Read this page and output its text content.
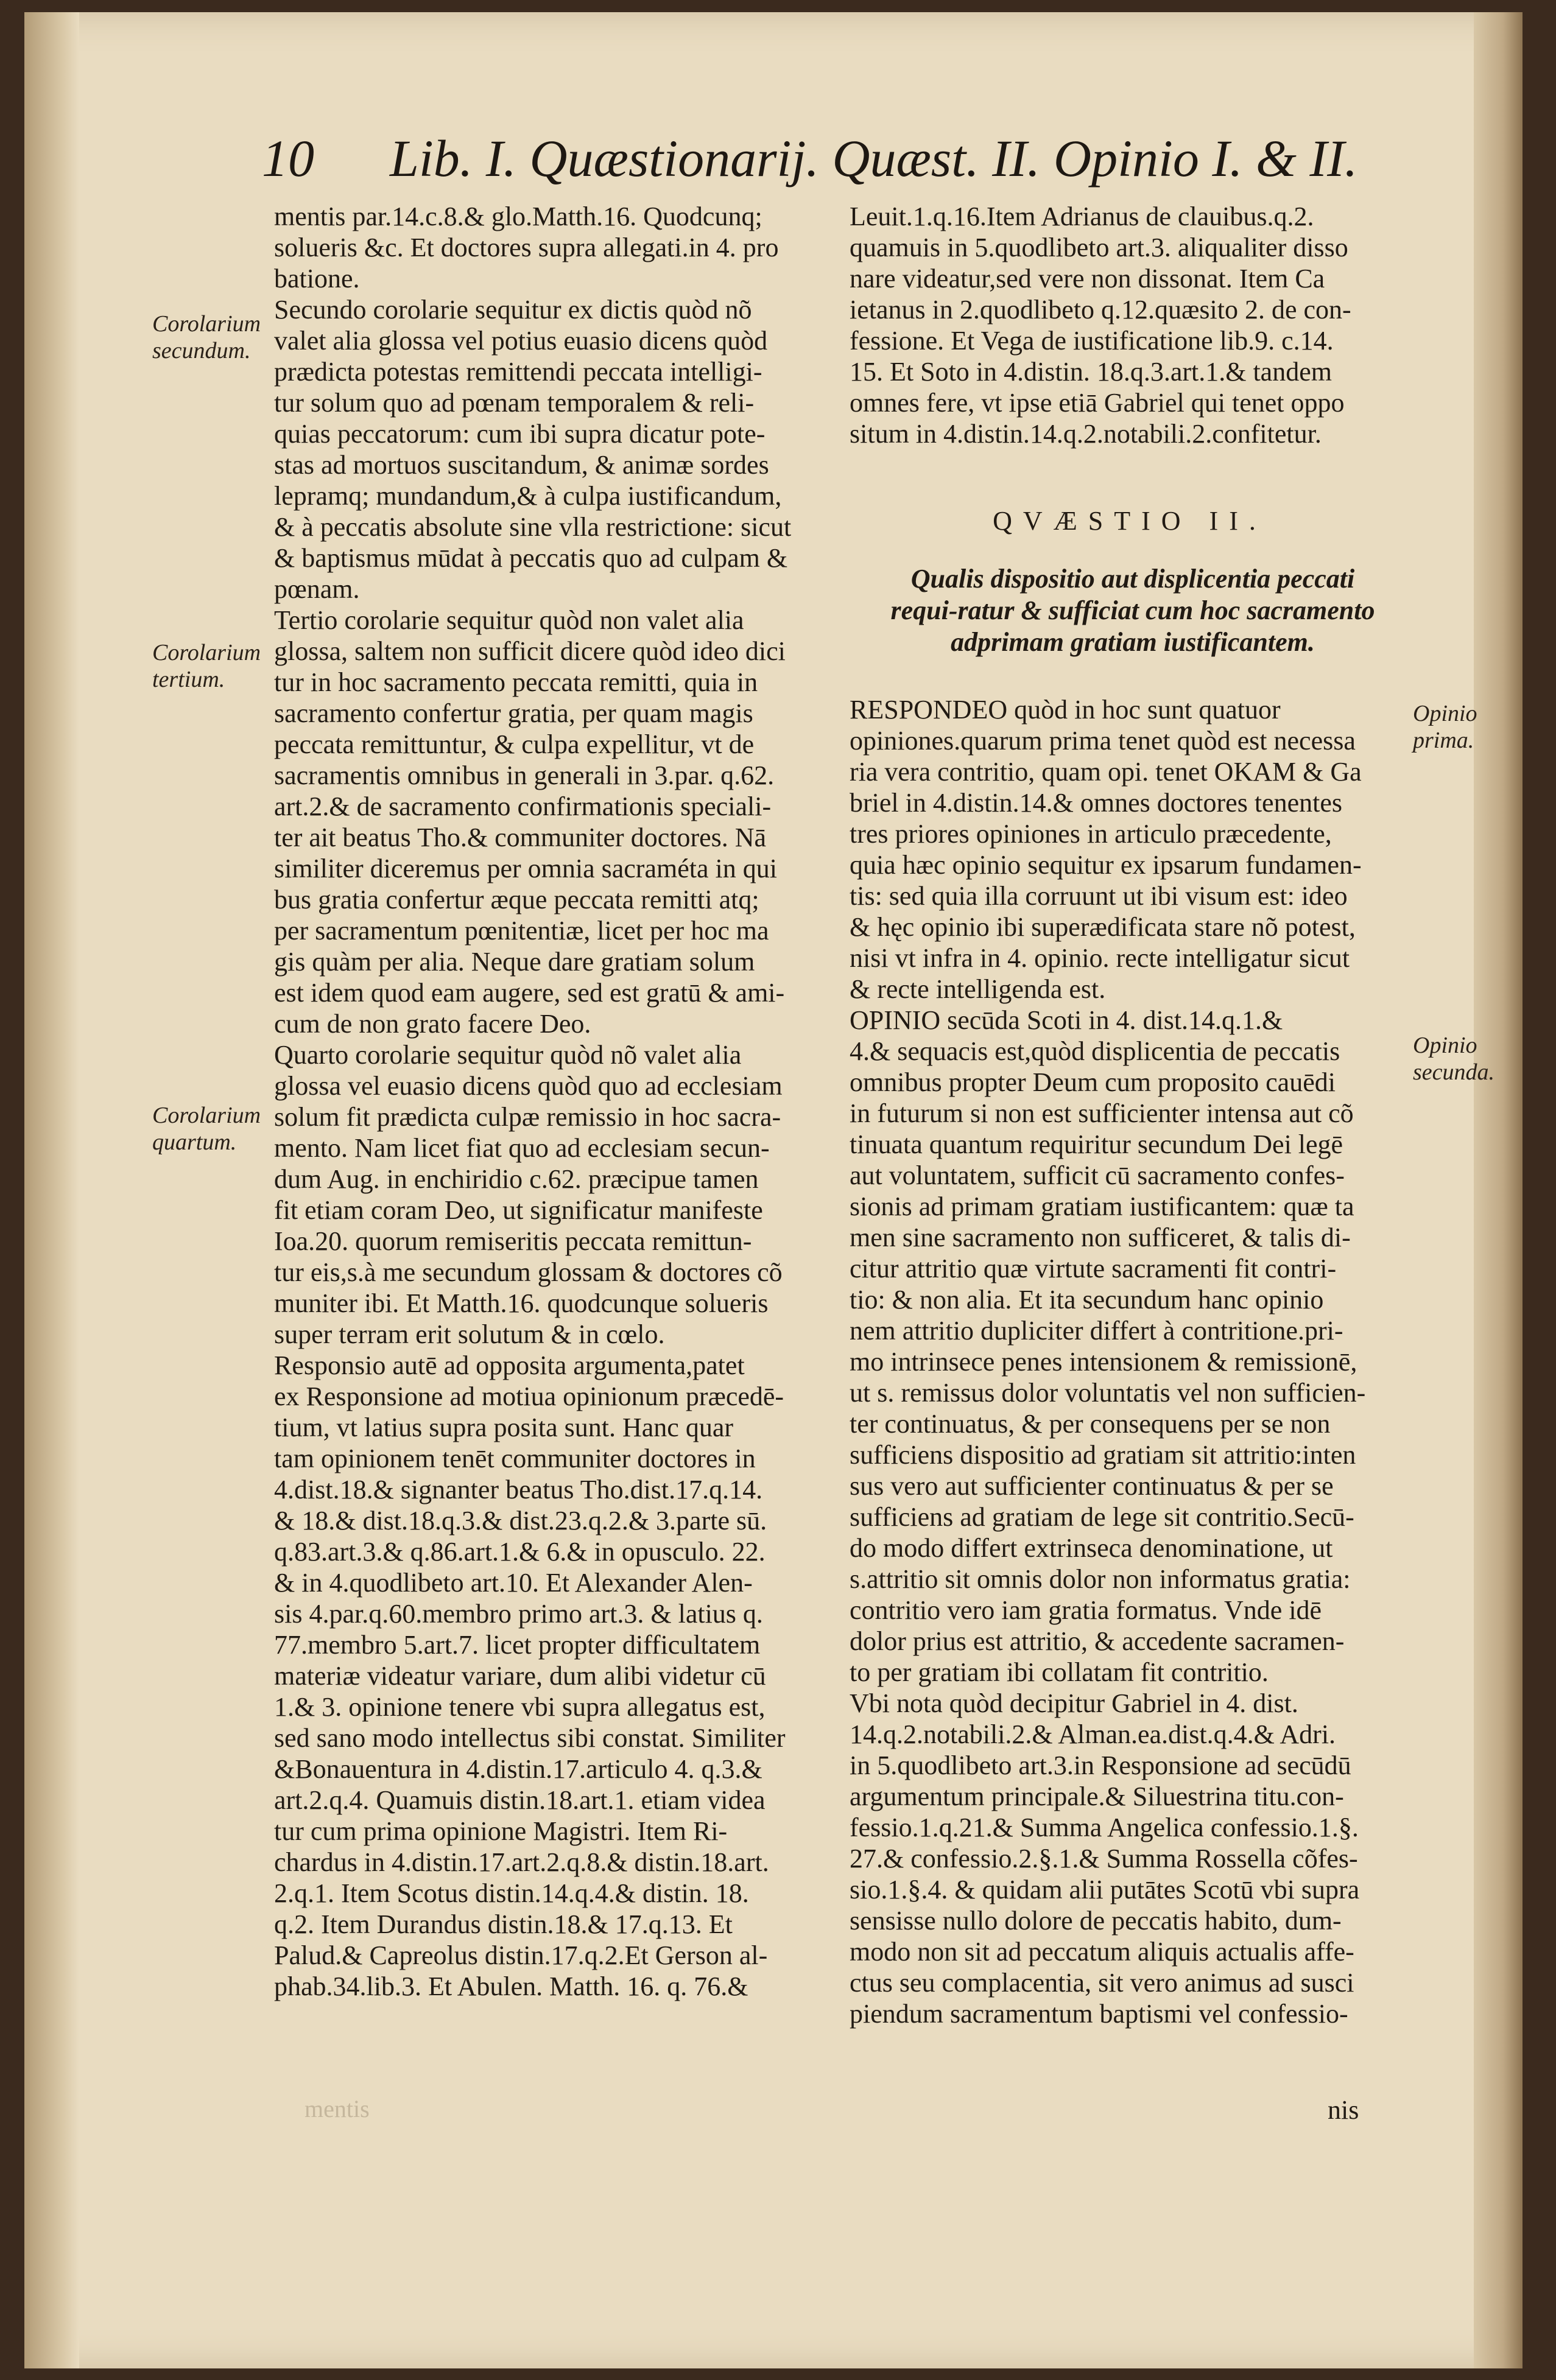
10 Lib. I. Quæstionarij. Quæst. II. Opinio I. & II.
Corolarium secundum.
Corolarium tertium.
Corolarium quartum.
Opinio prima.
Opinio secunda.
mentis par.14.c.8.& glo.Matth.16. Quodcunq;
solueris &c. Et doctores supra allegati.in 4. pro
batione.
Secundo corolarie sequitur ex dictis quòd nõ
valet alia glossa vel potius euasio dicens quòd
prædicta potestas remittendi peccata intelligi-
tur solum quo ad pœnam temporalem & reli-
quias peccatorum: cum ibi supra dicatur pote-
stas ad mortuos suscitandum, & animæ sordes
lepramq; mundandum,& à culpa iustificandum,
& à peccatis absolute sine vlla restrictione: sicut
& baptismus mūdat à peccatis quo ad culpam &
pœnam.
Tertio corolarie sequitur quòd non valet alia
glossa, saltem non sufficit dicere quòd ideo dici
tur in hoc sacramento peccata remitti, quia in
sacramento confertur gratia, per quam magis
peccata remittuntur, & culpa expellitur, vt de
sacramentis omnibus in generali in 3.par. q.62.
art.2.& de sacramento confirmationis speciali-
ter ait beatus Tho.& communiter doctores. Nā
similiter diceremus per omnia sacraméta in qui
bus gratia confertur æque peccata remitti atq;
per sacramentum pœnitentiæ, licet per hoc ma
gis quàm per alia. Neque dare gratiam solum
est idem quod eam augere, sed est gratū & ami-
cum de non grato facere Deo.
Quarto corolarie sequitur quòd nõ valet alia
glossa vel euasio dicens quòd quo ad ecclesiam
solum fit prædicta culpæ remissio in hoc sacra-
mento. Nam licet fiat quo ad ecclesiam secun-
dum Aug. in enchiridio c.62. præcipue tamen
fit etiam coram Deo, ut significatur manifeste
Ioa.20. quorum remiseritis peccata remittun-
tur eis,s.à me secundum glossam & doctores cõ
muniter ibi. Et Matth.16. quodcunque solueris
super terram erit solutum & in cœlo.
Responsio autē ad opposita argumenta,patet
ex Responsione ad motiua opinionum præcedē-
tium, vt latius supra posita sunt. Hanc quar
tam opinionem tenēt communiter doctores in
4.dist.18.& signanter beatus Tho.dist.17.q.14.
& 18.& dist.18.q.3.& dist.23.q.2.& 3.parte sū.
q.83.art.3.& q.86.art.1.& 6.& in opusculo. 22.
& in 4.quodlibeto art.10. Et Alexander Alen-
sis 4.par.q.60.membro primo art.3. & latius q.
77.membro 5.art.7. licet propter difficultatem
materiæ videatur variare, dum alibi videtur cū
1.& 3. opinione tenere vbi supra allegatus est,
sed sano modo intellectus sibi constat. Similiter
&Bonauentura in 4.distin.17.articulo 4. q.3.&
art.2.q.4. Quamuis distin.18.art.1. etiam videa
tur cum prima opinione Magistri. Item Ri-
chardus in 4.distin.17.art.2.q.8.& distin.18.art.
2.q.1. Item Scotus distin.14.q.4.& distin. 18.
q.2. Item Durandus distin.18.& 17.q.13. Et
Palud.& Capreolus distin.17.q.2.Et Gerson al-
phab.34.lib.3. Et Abulen. Matth. 16. q. 76.&
Leuit.1.q.16.Item Adrianus de clauibus.q.2.
quamuis in 5.quodlibeto art.3. aliqualiter disso
nare videatur,sed vere non dissonat. Item Ca
ietanus in 2.quodlibeto q.12.quæsito 2. de con-
fessione. Et Vega de iustificatione lib.9. c.14.
15. Et Soto in 4.distin. 18.q.3.art.1.& tandem
omnes fere, vt ipse etiā Gabriel qui tenet oppo
situm in 4.distin.14.q.2.notabili.2.confitetur.
QVÆSTIO II.
Qualis dispositio aut displicentia peccati requi-ratur & sufficiat cum hoc sacramento adprimam gratiam iustificantem.
RESPONDEO quòd in hoc sunt quatuor
opiniones.quarum prima tenet quòd est necessa
ria vera contritio, quam opi. tenet OKAM & Ga
briel in 4.distin.14.& omnes doctores tenentes
tres priores opiniones in articulo præcedente,
quia hæc opinio sequitur ex ipsarum fundamen-
tis: sed quia illa corruunt ut ibi visum est: ideo
& hęc opinio ibi superædificata stare nõ potest,
nisi vt infra in 4. opinio. recte intelligatur sicut
& recte intelligenda est.
OPINIO secūda Scoti in 4. dist.14.q.1.&
4.& sequacis est,quòd displicentia de peccatis
omnibus propter Deum cum proposito cauēdi
in futurum si non est sufficienter intensa aut cõ
tinuata quantum requiritur secundum Dei legē
aut voluntatem, sufficit cū sacramento confes-
sionis ad primam gratiam iustificantem: quæ ta
men sine sacramento non sufficeret, & talis di-
citur attritio quæ virtute sacramenti fit contri-
tio: & non alia. Et ita secundum hanc opinio
nem attritio dupliciter differt à contritione.pri-
mo intrinsece penes intensionem & remissionē,
ut s. remissus dolor voluntatis vel non sufficien-
ter continuatus, & per consequens per se non
sufficiens dispositio ad gratiam sit attritio:inten
sus vero aut sufficienter continuatus & per se
sufficiens ad gratiam de lege sit contritio.Secū-
do modo differt extrinseca denominatione, ut
s.attritio sit omnis dolor non informatus gratia:
contritio vero iam gratia formatus. Vnde idē
dolor prius est attritio, & accedente sacramen-
to per gratiam ibi collatam fit contritio.
Vbi nota quòd decipitur Gabriel in 4. dist.
14.q.2.notabili.2.& Alman.ea.dist.q.4.& Adri.
in 5.quodlibeto art.3.in Responsione ad secūdū
argumentum principale.& Siluestrina titu.con-
fessio.1.q.21.& Summa Angelica confessio.1.§.
27.& confessio.2.§.1.& Summa Rossella cõfes-
sio.1.§.4. & quidam alii putātes Scotū vbi supra
sensisse nullo dolore de peccatis habito, dum-
modo non sit ad peccatum aliquis actualis affe-
ctus seu complacentia, sit vero animus ad susci
piendum sacramentum baptismi vel confessio-
nis
mentis
